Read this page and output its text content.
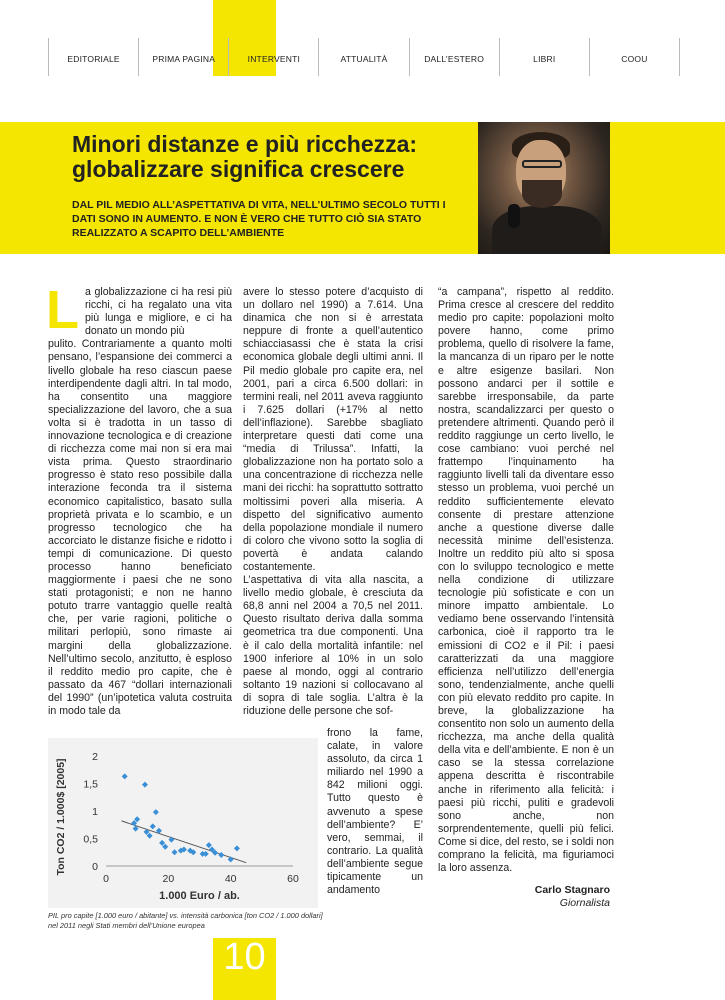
EDITORIALE	PRIMA PAGINA	INTERVENTI	ATTUALITÀ	DALL’ESTERO	LIBRI	COOU
Minori distanze e più ricchezza:
globalizzare significa crescere
DAL PIL MEDIO ALL’ASPETTATIVA DI VITA, NELL’ULTIMO SECOLO TUTTI I DATI SONO IN AUMENTO. E NON È VERO CHE TUTTO CIÒ SIA STATO REALIZZATO A SCAPITO DELL’AMBIENTE
L a globalizzazione ci ha resi più ricchi, ci ha regalato una vita più lunga e migliore, e ci ha donato un mondo più

pulito. Contrariamente a quanto molti pensano, l’espansione dei commerci a livello globale ha reso ciascun paese interdipendente dagli altri. In tal modo, ha consentito una maggiore specializzazione del lavoro, che a sua volta si è tradotta in un tasso di innovazione tecnologica e di creazione di ricchezza come mai non si era mai vista prima. Questo straordinario progresso è stato reso possibile dalla interazione feconda tra il sistema economico capitalistico, basato sulla proprietà privata e lo scambio, e un progresso tecnologico che ha accorciato le distanze fisiche e ridotto i tempi di comunicazione. Di questo processo hanno beneficiato maggiormente i paesi che ne sono stati protagonisti; e non ne hanno potuto trarre vantaggio quelle realtà che, per varie ragioni, politiche o militari perlopiù, sono rimaste ai margini della globalizzazione. Nell’ultimo secolo, anzitutto, è esploso il reddito medio pro capite, che è passato da 467 “dollari internazionali del 1990” (un’ipotetica valuta costruita in modo tale da

avere lo stesso potere d’acquisto di un dollaro nel 1990) a 7.614. Una dinamica che non si è arrestata neppure di fronte a quell’autentico schiacciasassi che è stata la crisi economica globale degli ultimi anni. Il Pil medio globale pro capite era, nel 2001, pari a circa 6.500 dollari: in termini reali, nel 2011 aveva raggiunto i 7.625 dollari (+17% al netto dell’inflazione). Sarebbe sbagliato interpretare questi dati come una “media di Trilussa”. Infatti, la globalizzazione non ha portato solo a una concentrazione di ricchezza nelle mani dei ricchi: ha soprattutto sottratto moltissimi poveri alla miseria. A dispetto del significativo aumento della popolazione mondiale il numero di coloro che vivono sotto la soglia di povertà è andata calando costantemente.

L’aspettativa di vita alla nascita, a livello medio globale, è cresciuta da 68,8 anni nel 2004 a 70,5 nel 2011. Questo risultato deriva dalla somma geometrica tra due componenti. Una è il calo della mortalità infantile: nel 1900 inferiore al 10% in un solo paese al mondo, oggi al contrario soltanto 19 nazioni si collocavano al di sopra di tale soglia. L’altra è la riduzione delle persone che sof-

frono la fame, calate, in valore assoluto, da circa 1 miliardo nel 1990 a 842 milioni oggi. Tutto questo è avvenuto a spese dell’ambiente? E’ vero, semmai, il contrario. La qualità dell’ambiente segue tipicamente un andamento

“a campana”, rispetto al reddito. Prima cresce al crescere del reddito medio pro capite: popolazioni molto povere hanno, come primo problema, quello di risolvere la fame, la mancanza di un riparo per le notte e altre esigenze basilari. Non possono andarci per il sottile e sarebbe irresponsabile, da parte nostra, scandalizzarci per questo o pretendere altrimenti. Quando però il reddito raggiunge un certo livello, le cose cambiano: vuoi perché nel frattempo l’inquinamento ha raggiunto livelli tali da diventare esso stesso un problema, vuoi perché un reddito sufficientemente elevato consente di prestare attenzione anche a questione diverse dalle necessità minime dell’esistenza. Inoltre un reddito più alto si sposa con lo sviluppo tecnologico e mette nella condizione di utilizzare tecnologie più sofisticate e con un minore impatto ambientale. Lo vediamo bene osservando l’intensità carbonica, cioè il rapporto tra le emissioni di CO2 e il Pil: i paesi caratterizzati da una maggiore efficienza nell’utilizzo dell’energia sono, tendenzialmente, anche quelli con più elevato reddito pro capite. In breve, la globalizzazione ha consentito non solo un aumento della ricchezza, ma anche della qualità della vita e dell’ambiente. E non è un caso se la stessa correlazione appena descritta è riscontrabile anche in riferimento alla felicità: i paesi più ricchi, puliti e gradevoli sono anche, non sorprendentemente, quelli più felici. Come si dice, del resto, se i soldi non comprano la felicità, ma figuriamoci la loro assenza.

0
0,5
1
1,5
2
0	20	40	60
1.000 Euro / ab.
Ton CO2 / 1.000$ [2005]
PIL pro capite [1.000 euro / abitante] vs. intensità carbonica [ton CO2 / 1.000 dollari] nel 2011 negli Stati membri dell’Unione europea
Carlo Stagnaro
Giornalista
10
